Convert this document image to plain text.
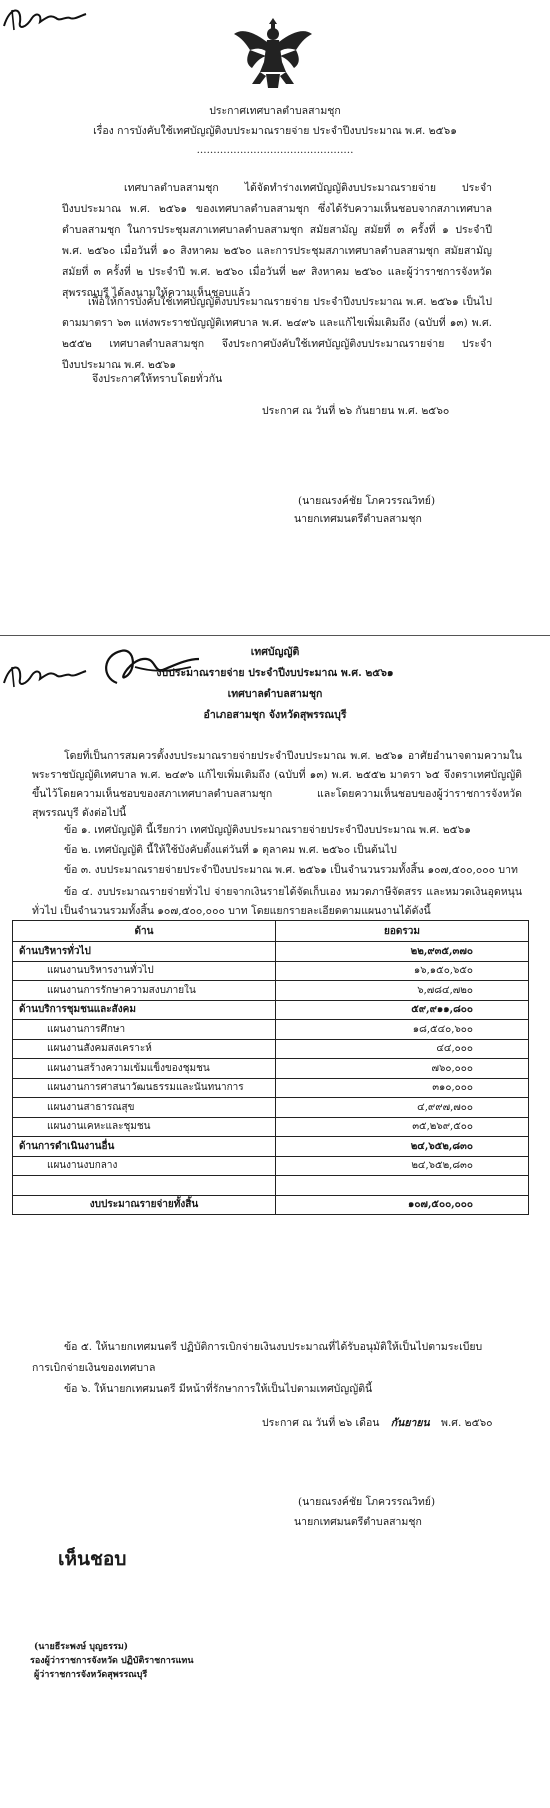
ประกาศเทศบาลตำบลสามชุก
เรื่อง การบังคับใช้เทศบัญญัติงบประมาณรายจ่าย ประจำปีงบประมาณ พ.ศ. ๒๕๖๑
...............................................
เทศบาลตำบลสามชุก ได้จัดทำร่างเทศบัญญัติงบประมาณรายจ่าย ประจำปีงบประมาณ พ.ศ. ๒๕๖๑ ของเทศบาลตำบลสามชุก ซึ่งได้รับความเห็นชอบจากสภาเทศบาลตำบลสามชุก ในการประชุมสภาเทศบาลตำบลสามชุก สมัยสามัญ สมัยที่ ๓ ครั้งที่ ๑ ประจำปี พ.ศ. ๒๕๖๐ เมื่อวันที่ ๑๐ สิงหาคม ๒๕๖๐ และการประชุมสภาเทศบาลตำบลสามชุก สมัยสามัญ สมัยที่ ๓ ครั้งที่ ๒ ประจำปี พ.ศ. ๒๕๖๐ เมื่อวันที่ ๒๙ สิงหาคม ๒๕๖๐ และผู้ว่าราชการจังหวัดสุพรรณบุรี ได้ลงนามให้ความเห็นชอบแล้ว
เพื่อให้การบังคับใช้เทศบัญญัติงบประมาณรายจ่าย ประจำปีงบประมาณ พ.ศ. ๒๕๖๑ เป็นไปตามมาตรา ๖๓ แห่งพระราชบัญญัติเทศบาล พ.ศ. ๒๔๙๖ และแก้ไขเพิ่มเติมถึง (ฉบับที่ ๑๓) พ.ศ. ๒๕๕๒ เทศบาลตำบลสามชุก จึงประกาศบังคับใช้เทศบัญญัติงบประมาณรายจ่าย ประจำปีงบประมาณ พ.ศ. ๒๕๖๑
จึงประกาศให้ทราบโดยทั่วกัน
ประกาศ ณ วันที่ ๒๖ กันยายน พ.ศ. ๒๕๖๐
(นายณรงค์ชัย โภควรรณวิทย์)
นายกเทศมนตรีตำบลสามชุก
เทศบัญญัติ
งบประมาณรายจ่าย ประจำปีงบประมาณ พ.ศ. ๒๕๖๑
เทศบาลตำบลสามชุก
อำเภอสามชุก จังหวัดสุพรรณบุรี
โดยที่เป็นการสมควรตั้งงบประมาณรายจ่ายประจำปีงบประมาณ พ.ศ. ๒๕๖๑ อาศัยอำนาจตามความในพระราชบัญญัติเทศบาล พ.ศ. ๒๔๙๖ แก้ไขเพิ่มเติมถึง (ฉบับที่ ๑๓) พ.ศ. ๒๕๕๒ มาตรา ๖๕ จึงตราเทศบัญญัติขึ้นไว้โดยความเห็นชอบของสภาเทศบาลตำบลสามชุก และโดยความเห็นชอบของผู้ว่าราชการจังหวัดสุพรรณบุรี ดังต่อไปนี้
ข้อ ๑. เทศบัญญัติ นี้เรียกว่า เทศบัญญัติงบประมาณรายจ่ายประจำปีงบประมาณ พ.ศ. ๒๕๖๑
ข้อ ๒. เทศบัญญัติ นี้ให้ใช้บังคับตั้งแต่วันที่ ๑ ตุลาคม พ.ศ. ๒๕๖๐ เป็นต้นไป
ข้อ ๓. งบประมาณรายจ่ายประจำปีงบประมาณ พ.ศ. ๒๕๖๑ เป็นจำนวนรวมทั้งสิ้น ๑๐๗,๕๐๐,๐๐๐ บาท
ข้อ ๔. งบประมาณรายจ่ายทั่วไป จ่ายจากเงินรายได้จัดเก็บเอง หมวดภาษีจัดสรร และหมวดเงินอุดหนุนทั่วไป เป็นจำนวนรวมทั้งสิ้น ๑๐๗,๕๐๐,๐๐๐ บาท โดยแยกรายละเอียดตามแผนงานได้ดังนี้
ด้าน	ยอดรวม
ด้านบริหารทั่วไป	๒๒,๙๓๕,๓๗๐
แผนงานบริหารงานทั่วไป	๑๖,๑๕๐,๖๕๐
แผนงานการรักษาความสงบภายใน	๖,๗๘๔,๗๒๐
ด้านบริการชุมชนและสังคม	๕๙,๙๑๑,๘๐๐
แผนงานการศึกษา	๑๘,๕๔๐,๖๐๐
แผนงานสังคมสงเคราะห์	๔๔,๐๐๐
แผนงานสร้างความเข้มแข็งของชุมชน	๗๖๐,๐๐๐
แผนงานการศาสนาวัฒนธรรมและนันทนาการ	๓๑๐,๐๐๐
แผนงานสาธารณสุข	๔,๙๙๗,๗๐๐
แผนงานเคหะและชุมชน	๓๕,๒๖๙,๕๐๐
ด้านการดำเนินงานอื่น	๒๔,๖๕๒,๘๓๐
แผนงานงบกลาง	๒๔,๖๕๒,๘๓๐

งบประมาณรายจ่ายทั้งสิ้น	๑๐๗,๕๐๐,๐๐๐
ข้อ ๕. ให้นายกเทศมนตรี ปฏิบัติการเบิกจ่ายเงินงบประมาณที่ได้รับอนุมัติให้เป็นไปตามระเบียบ
การเบิกจ่ายเงินของเทศบาล
ข้อ ๖. ให้นายกเทศมนตรี มีหน้าที่รักษาการให้เป็นไปตามเทศบัญญัตินี้
ประกาศ ณ วันที่ ๒๖ เดือน กันยายน พ.ศ. ๒๕๖๐

(นายณรงค์ชัย โภควรรณวิทย์)
นายกเทศมนตรีตำบลสามชุก
เห็นชอบ
(นายธีระพงษ์ บุญธรรม)
รองผู้ว่าราชการจังหวัด ปฏิบัติราชการแทน
ผู้ว่าราชการจังหวัดสุพรรณบุรี
